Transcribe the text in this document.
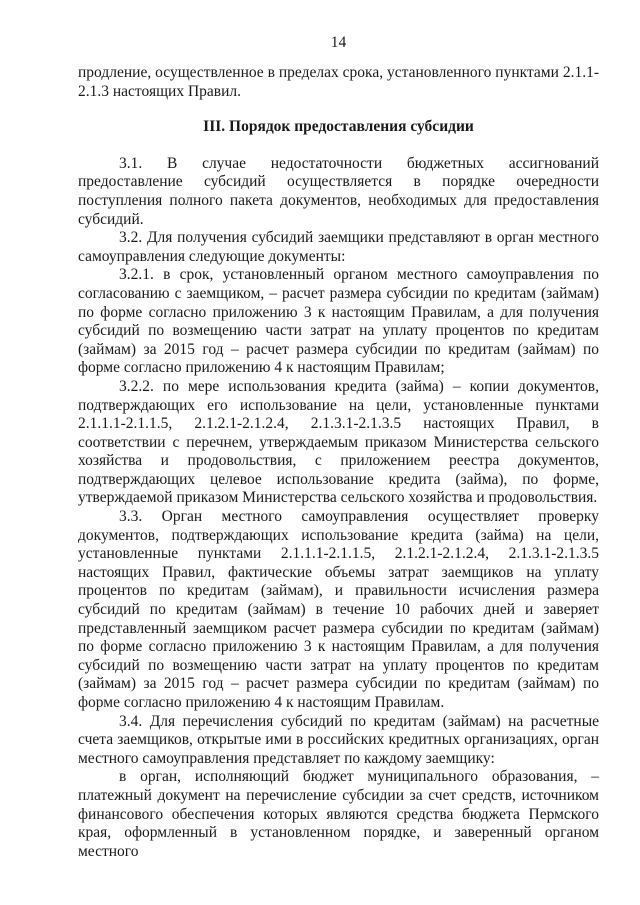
14

продление, осуществленное в пределах срока, установленного пунктами 2.1.1-2.1.3 настоящих Правил.

III. Порядок предоставления субсидии

3.1. В случае недостаточности бюджетных ассигнований предоставление субсидий осуществляется в порядке очередности поступления полного пакета документов, необходимых для предоставления субсидий.

3.2. Для получения субсидий заемщики представляют в орган местного самоуправления следующие документы:

3.2.1. в срок, установленный органом местного самоуправления по согласованию с заемщиком, – расчет размера субсидии по кредитам (займам) по форме согласно приложению 3 к настоящим Правилам, а для получения субсидий по возмещению части затрат на уплату процентов по кредитам (займам) за 2015 год – расчет размера субсидии по кредитам (займам) по форме согласно приложению 4 к настоящим Правилам;

3.2.2. по мере использования кредита (займа) – копии документов, подтверждающих его использование на цели, установленные пунктами 2.1.1.1-2.1.1.5, 2.1.2.1-2.1.2.4, 2.1.3.1-2.1.3.5 настоящих Правил, в соответствии с перечнем, утверждаемым приказом Министерства сельского хозяйства и продовольствия, с приложением реестра документов, подтверждающих целевое использование кредита (займа), по форме, утверждаемой приказом Министерства сельского хозяйства и продовольствия.

3.3. Орган местного самоуправления осуществляет проверку документов, подтверждающих использование кредита (займа) на цели, установленные пунктами 2.1.1.1-2.1.1.5, 2.1.2.1-2.1.2.4, 2.1.3.1-2.1.3.5 настоящих Правил, фактические объемы затрат заемщиков на уплату процентов по кредитам (займам), и правильности исчисления размера субсидий по кредитам (займам) в течение 10 рабочих дней и заверяет представленный заемщиком расчет размера субсидии по кредитам (займам) по форме согласно приложению 3 к настоящим Правилам, а для получения субсидий по возмещению части затрат на уплату процентов по кредитам (займам) за 2015 год – расчет размера субсидии по кредитам (займам) по форме согласно приложению 4 к настоящим Правилам.

3.4. Для перечисления субсидий по кредитам (займам) на расчетные счета заемщиков, открытые ими в российских кредитных организациях, орган местного самоуправления представляет по каждому заемщику:

в орган, исполняющий бюджет муниципального образования, – платежный документ на перечисление субсидии за счет средств, источником финансового обеспечения которых являются средства бюджета Пермского края, оформленный в установленном порядке, и заверенный органом местного
